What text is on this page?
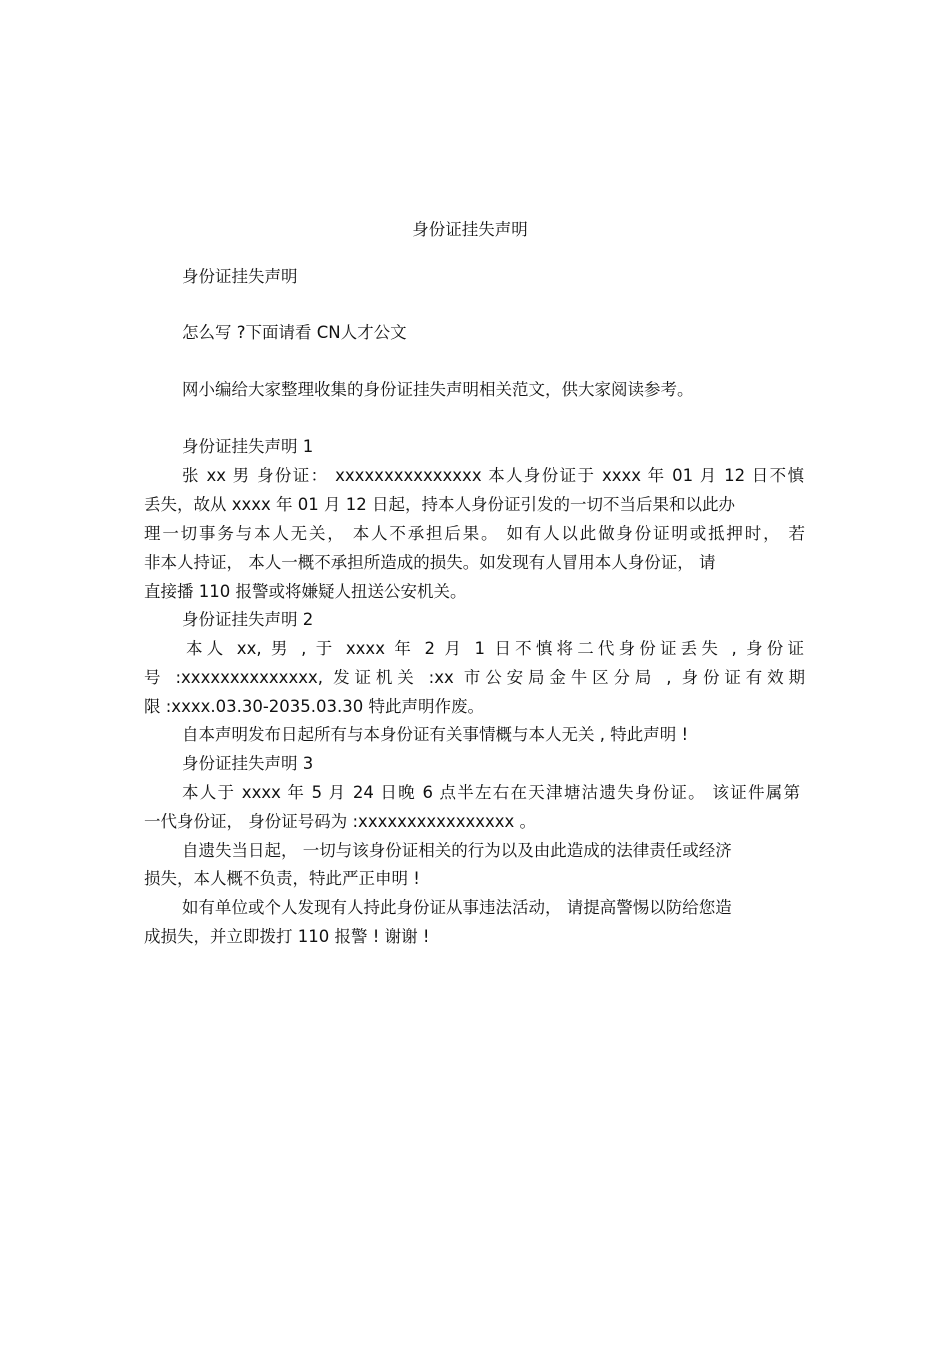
身份证挂失声明
身份证挂失声明
怎么写 ?下面请看 CN人才公文
网小编给大家整理收集的身份证挂失声明相关范文，供大家阅读参考。
身份证挂失声明 1
张 xx 男 身份证： xxxxxxxxxxxxxxx 本人身份证于 xxxx 年 01 月 12 日不慎
丢失，故从 xxxx 年 01 月 12 日起，持本人身份证引发的一切不当后果和以此办
理一切事务与本人无关， 本人不承担后果。 如有人以此做身份证明或抵押时， 若
非本人持证， 本人一概不承担所造成的损失。如发现有人冒用本人身份证， 请
直接播 110 报警或将嫌疑人扭送公安机关。
身份证挂失声明 2
本人 xx, 男 , 于 xxxx 年 2 月 1 日不慎将二代身份证丢失 , 身份证
号 :xxxxxxxxxxxxxx, 发证机关 :xx 市公安局金牛区分局 , 身份证有效期
限 :xxxx.03.30-2035.03.30 特此声明作废。
自本声明发布日起所有与本身份证有关事情概与本人无关 , 特此声明 !
身份证挂失声明 3
本人于 xxxx 年 5 月 24 日晚 6 点半左右在天津塘沽遗失身份证。 该证件属第
一代身份证， 身份证号码为 :xxxxxxxxxxxxxxxx 。
自遗失当日起， 一切与该身份证相关的行为以及由此造成的法律责任或经济
损失，本人概不负责，特此严正申明 !
如有单位或个人发现有人持此身份证从事违法活动， 请提高警惕以防给您造
成损失，并立即拨打 110 报警 ! 谢谢 !
